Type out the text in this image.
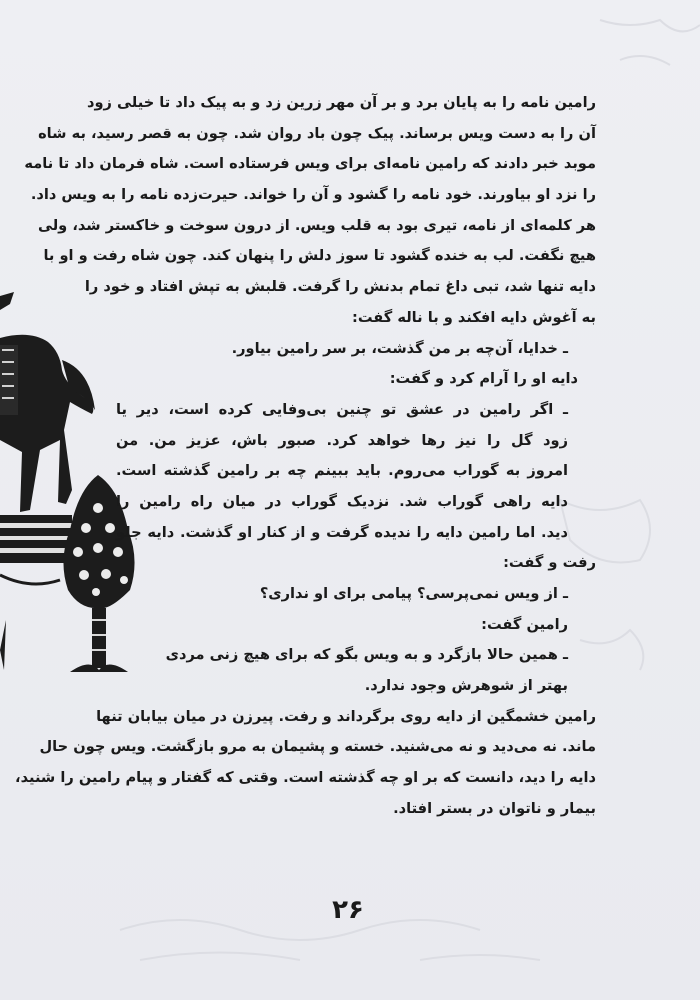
رامین نامه را به پایان برد و بر آن مهر زرین زد و به پیک داد تا خیلی زود
آن را به دست ویس برساند. پیک چون باد روان شد. چون به قصر رسید، به شاه
موبد خبر دادند که رامین نامه‌ای برای ویس فرستاده است. شاه فرمان داد تا نامه
را نزد او بیاورند. خود نامه را گشود و آن را خواند. حیرت‌زده نامه را به ویس داد.
هر کلمه‌ای از نامه، تیری بود به قلب ویس. از درون سوخت و خاکستر شد، ولی
هیچ نگفت. لب به خنده گشود تا سوز دلش را پنهان کند. چون شاه رفت و او با
دایه تنها شد، تبی داغ تمام بدنش را گرفت. قلبش به تپش افتاد و خود را
به آغوش دایه افکند و با ناله گفت:
ـ خدایا، آن‌چه بر من گذشت، بر سر رامین بیاور.
دایه او را آرام کرد و گفت:
ـ اگر رامین در عشق تو چنین بی‌وفایی کرده است، دیر یا
زود گل را نیز رها خواهد کرد. صبور باش، عزیز من. من
امروز به گوراب می‌روم. باید ببینم چه بر رامین گذشته است.
دایه راهی گوراب شد. نزدیک گوراب در میان راه رامین را
دید. اما رامین دایه را ندیده گرفت و از کنار او گذشت. دایه جلو
رفت و گفت:
ـ از ویس نمی‌پرسی؟ پیامی برای او نداری؟
رامین گفت:
ـ همین حالا بازگرد و به ویس بگو که برای هیچ زنی مردی
بهتر از شوهرش وجود ندارد.
رامین خشمگین از دایه روی برگرداند و رفت. پیرزن در میان بیابان تنها
ماند. نه می‌دید و نه می‌شنید. خسته و پشیمان به مرو بازگشت. ویس چون حال
دایه را دید، دانست که بر او چه گذشته است. وقتی که گفتار و پیام رامین را شنید،
بیمار و ناتوان در بستر افتاد.
۲۶
